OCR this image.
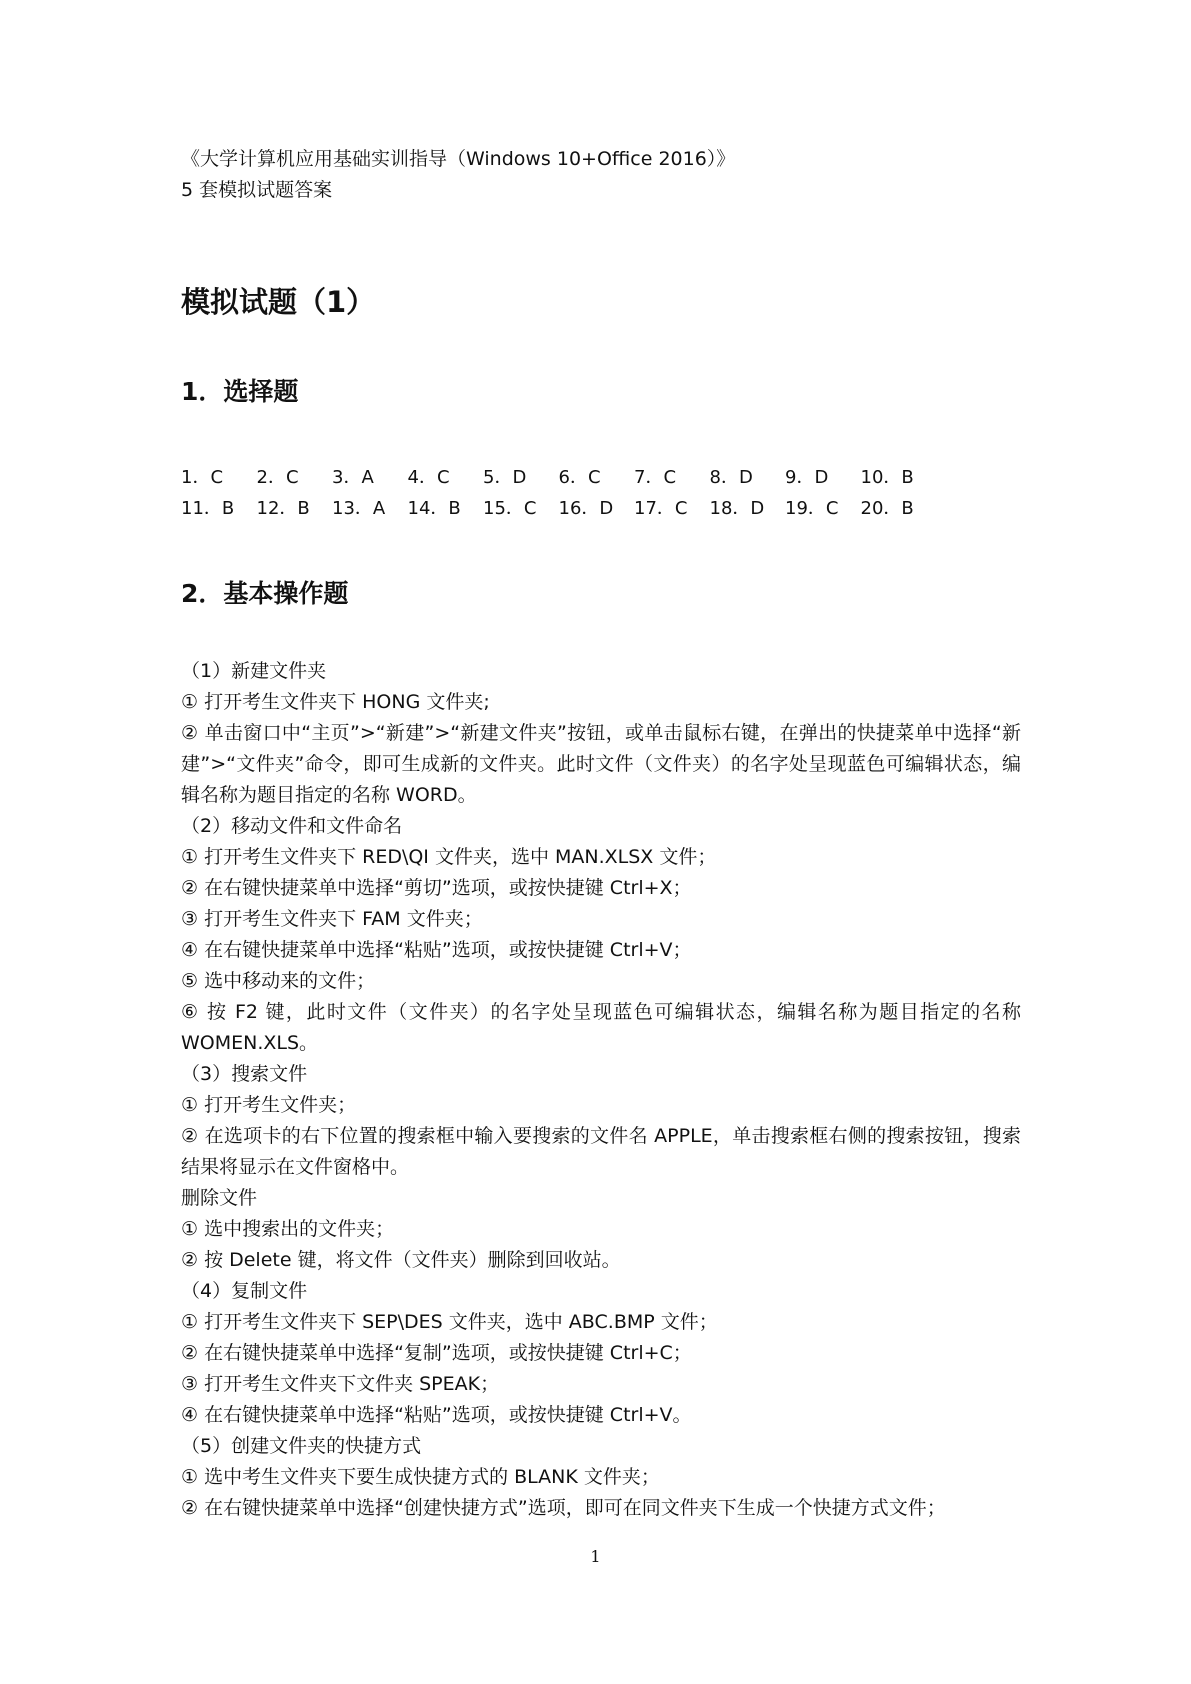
《大学计算机应用基础实训指导（Windows 10+Office 2016）》
5 套模拟试题答案
模拟试题（1）
1．选择题
1．C	2．C	3．A	4．C	5．D	6．C	7．C	8．D	9．D	10．B
11．B	12．B	13．A	14．B	15．C	16．D	17．C	18．D	19．C	20．B
2．基本操作题
（1）新建文件夹
① 打开考生文件夹下 HONG 文件夹;
② 单击窗口中“主页”>“新建”>“新建文件夹”按钮，或单击鼠标右键，在弹出的快捷菜单中选择“新建”>“文件夹”命令，即可生成新的文件夹。此时文件（文件夹）的名字处呈现蓝色可编辑状态，编辑名称为题目指定的名称 WORD。
（2）移动文件和文件命名
① 打开考生文件夹下 RED\QI 文件夹，选中 MAN.XLSX 文件；
② 在右键快捷菜单中选择“剪切”选项，或按快捷键 Ctrl+X；
③ 打开考生文件夹下 FAM 文件夹；
④ 在右键快捷菜单中选择“粘贴”选项，或按快捷键 Ctrl+V；
⑤ 选中移动来的文件；
⑥ 按 F2 键，此时文件（文件夹）的名字处呈现蓝色可编辑状态，编辑名称为题目指定的名称 WOMEN.XLS。
（3）搜索文件
① 打开考生文件夹；
② 在选项卡的右下位置的搜索框中输入要搜索的文件名 APPLE，单击搜索框右侧的搜索按钮，搜索结果将显示在文件窗格中。
删除文件
① 选中搜索出的文件夹；
② 按 Delete 键，将文件（文件夹）删除到回收站。
（4）复制文件
① 打开考生文件夹下 SEP\DES 文件夹，选中 ABC.BMP 文件；
② 在右键快捷菜单中选择“复制”选项，或按快捷键 Ctrl+C；
③ 打开考生文件夹下文件夹 SPEAK；
④ 在右键快捷菜单中选择“粘贴”选项，或按快捷键 Ctrl+V。
（5）创建文件夹的快捷方式
① 选中考生文件夹下要生成快捷方式的 BLANK 文件夹；
② 在右键快捷菜单中选择“创建快捷方式”选项，即可在同文件夹下生成一个快捷方式文件；
1
